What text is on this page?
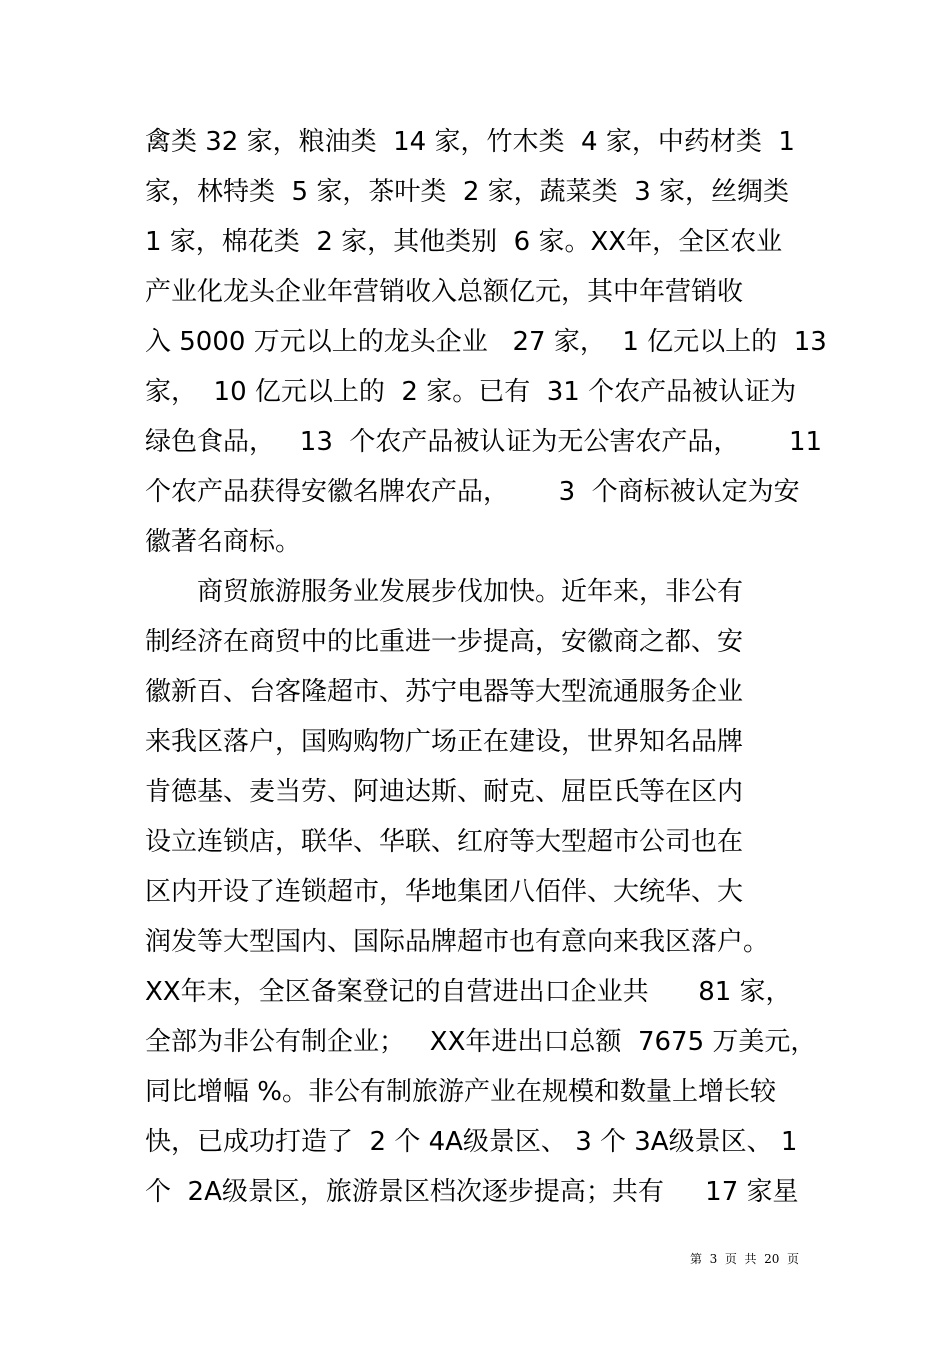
禽类 32 家，粮油类  14 家，竹木类  4 家，中药材类  1
家，林特类  5 家，茶叶类  2 家，蔬菜类  3 家，丝绸类
1 家，棉花类  2 家，其他类别  6 家。XX年，全区农业
产业化龙头企业年营销收入总额亿元，其中年营销收
入 5000 万元以上的龙头企业   27 家，  1 亿元以上的  13
家，  10 亿元以上的  2 家。已有  31 个农产品被认证为
绿色食品，   13  个农产品被认证为无公害农产品，      11
个农产品获得安徽名牌农产品，      3  个商标被认定为安
徽著名商标。
商贸旅游服务业发展步伐加快。近年来，非公有
制经济在商贸中的比重进一步提高，安徽商之都、安
徽新百、台客隆超市、苏宁电器等大型流通服务企业
来我区落户，国购购物广场正在建设，世界知名品牌
肯德基、麦当劳、阿迪达斯、耐克、屈臣氏等在区内
设立连锁店，联华、华联、红府等大型超市公司也在
区内开设了连锁超市，华地集团八佰伴、大统华、大
润发等大型国内、国际品牌超市也有意向来我区落户。
XX年末，全区备案登记的自营进出口企业共      81 家，
全部为非公有制企业；   XX年进出口总额  7675 万美元，
同比增幅 %。非公有制旅游产业在规模和数量上增长较
快，已成功打造了  2 个 4A级景区、 3 个 3A级景区、 1
个  2A级景区，旅游景区档次逐步提高；共有     17 家星
第  3  页  共  20  页
